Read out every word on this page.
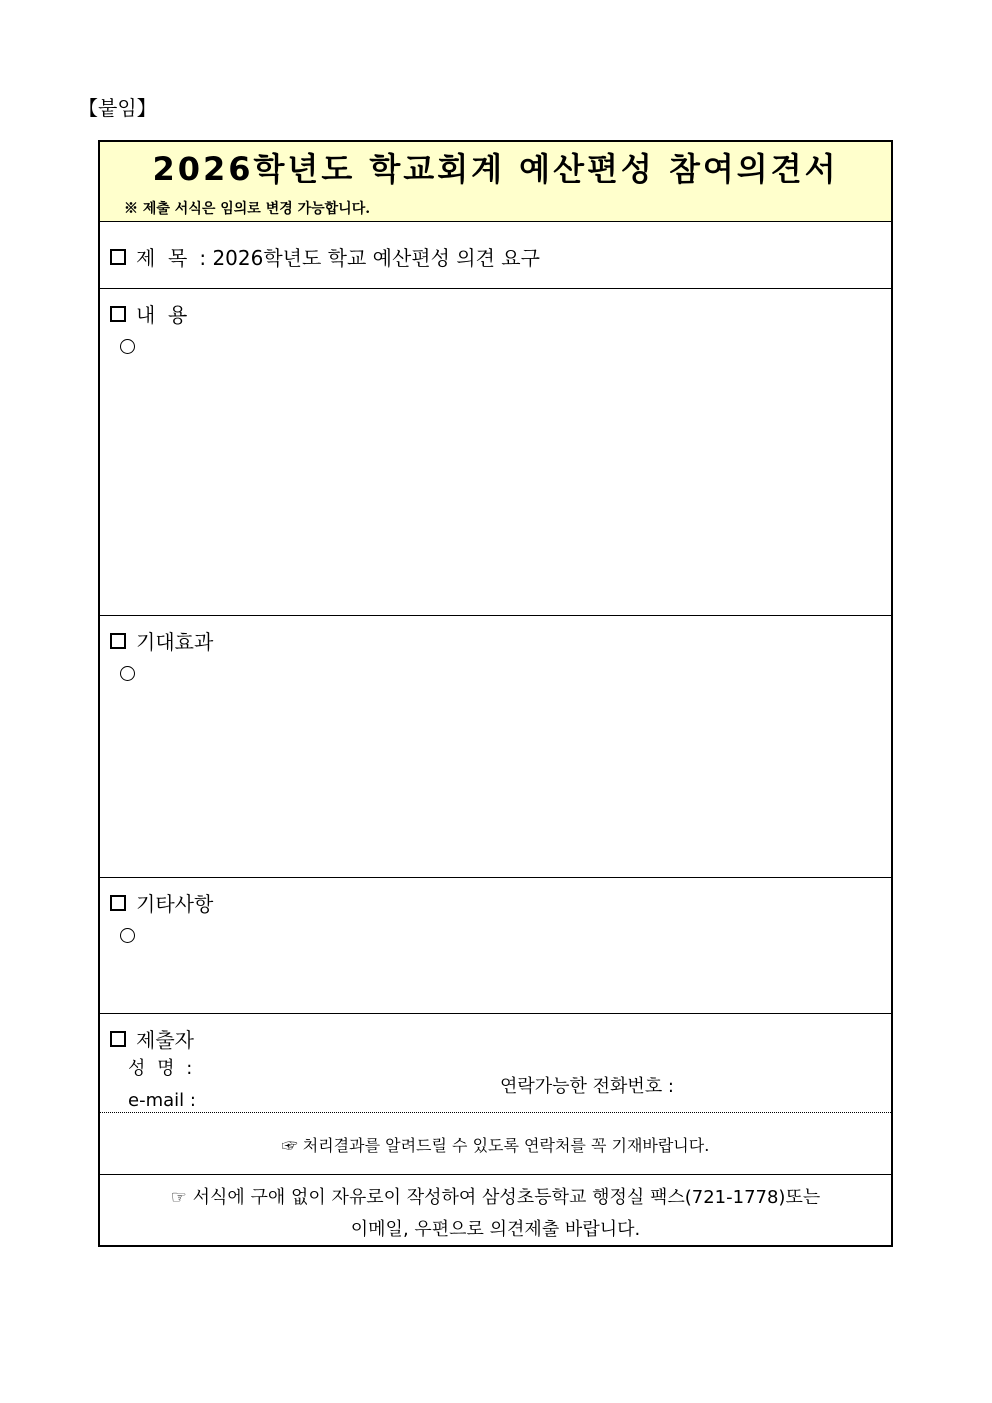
【붙임】
2026학년도 학교회계 예산편성 참여의견서
※ 제출 서식은 임의로 변경 가능합니다.
제  목 : 2026학년도 학교 예산편성 의견 요구
내  용
기대효과
기타사항
제출자
성 명 :
e-mail :
연락가능한 전화번호 :
☞ 처리결과를 알려드릴 수 있도록 연락처를 꼭 기재바랍니다.
☞ 서식에 구애 없이 자유로이 작성하여 삼성초등학교 행정실 팩스(721-1778)또는
이메일, 우편으로 의견제출 바랍니다.
